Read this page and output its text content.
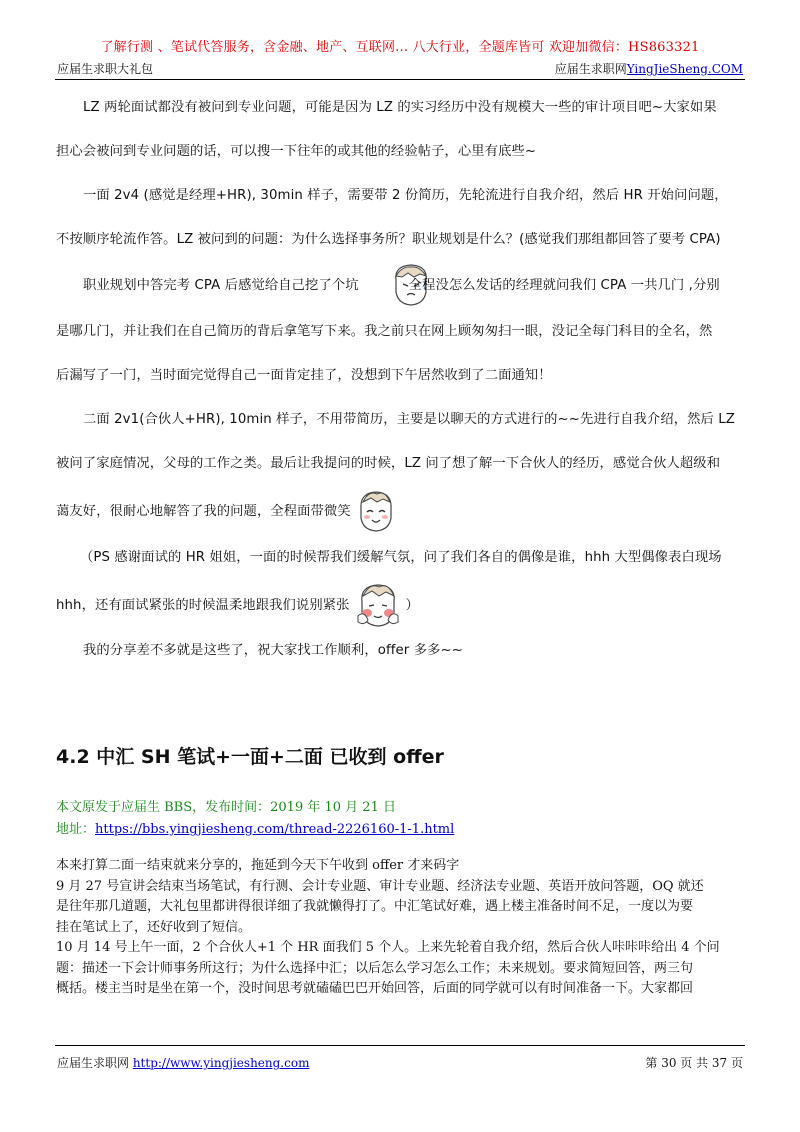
了解行测 、笔试代答服务，含金融、地产、互联网... 八大行业，全题库皆可 欢迎加微信：HS863321
应届生求职大礼包	应届生求职网YingJieSheng.COM

LZ 两轮面试都没有被问到专业问题，可能是因为 LZ 的实习经历中没有规模大一些的审计项目吧~大家如果
担心会被问到专业问题的话，可以搜一下往年的或其他的经验帖子，心里有底些~

一面 2v4 (感觉是经理+HR), 30min 样子，需要带 2 份简历，先轮流进行自我介绍，然后 HR 开始问问题，
不按顺序轮流作答。LZ 被问到的问题：为什么选择事务所？职业规划是什么？(感觉我们那组都回答了要考 CPA)

职业规划中答完考 CPA 后感觉给自己挖了个坑	全程没怎么发话的经理就问我们 CPA 一共几门 ,分别
是哪几门，并让我们在自己简历的背后拿笔写下来。我之前只在网上顾匆匆扫一眼，没记全每门科目的全名，然
后漏写了一门，当时面完觉得自己一面肯定挂了，没想到下午居然收到了二面通知！

二面 2v1(合伙人+HR), 10min 样子，不用带简历，主要是以聊天的方式进行的~~先进行自我介绍，然后 LZ
被问了家庭情况，父母的工作之类。最后让我提问的时候，LZ 问了想了解一下合伙人的经历，感觉合伙人超级和
蔼友好，很耐心地解答了我的问题，全程面带微笑

（PS 感谢面试的 HR 姐姐，一面的时候帮我们缓解气氛，问了我们各自的偶像是谁，hhh 大型偶像表白现场
hhh，还有面试紧张的时候温柔地跟我们说别紧张	）

我的分享差不多就是这些了，祝大家找工作顺利，offer 多多~~

4.2 中汇 SH 笔试+一面+二面 已收到 offer
本文原发于应届生 BBS，发布时间：2019 年 10 月 21 日
地址：https://bbs.yingjiesheng.com/thread-2226160-1-1.html

本来打算二面一结束就来分享的，拖延到今天下午收到 offer 才来码字

9 月 27 号宣讲会结束当场笔试，有行测、会计专业题、审计专业题、经济法专业题、英语开放问答题，OQ 就还

是往年那几道题，大礼包里都讲得很详细了我就懒得打了。中汇笔试好难，遇上楼主准备时间不足，一度以为要

挂在笔试上了，还好收到了短信。

10 月 14 号上午一面，2 个合伙人+1 个 HR 面我们 5 个人。上来先轮着自我介绍，然后合伙人咔咔咔给出 4 个问

题：描述一下会计师事务所这行；为什么选择中汇；以后怎么学习怎么工作；未来规划。要求简短回答，两三句

概括。楼主当时是坐在第一个，没时间思考就磕磕巴巴开始回答，后面的同学就可以有时间准备一下。大家都回

应届生求职网 http://www.yingjiesheng.com	第 30 页 共 37 页
